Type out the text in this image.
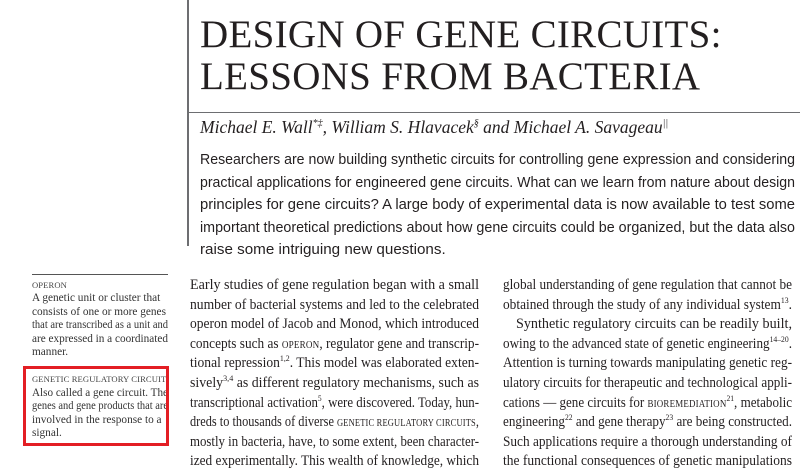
DESIGN OF GENE CIRCUITS:
LESSONS FROM BACTERIA
Michael E. Wall*‡, William S. Hlavacek§ and Michael A. Savageau||
Researchers are now building synthetic circuits for controlling gene expression and considering
practical applications for engineered gene circuits. What can we learn from nature about design
principles for gene circuits? A large body of experimental data is now available to test some
important theoretical predictions about how gene circuits could be organized, but the data also
raise some intriguing new questions.
OPERON
A genetic unit or cluster that
consists of one or more genes
that are transcribed as a unit and
are expressed in a coordinated
manner.
GENETIC REGULATORY CIRCUIT
Also called a gene circuit. The
genes and gene products that are
involved in the response to a
signal.
Early studies of gene regulation began with a small
number of bacterial systems and led to the celebrated
operon model of Jacob and Monod, which introduced
concepts such as OPERON, regulator gene and transcrip-
tional repression$^{1,2}$. This model was elaborated exten-
sively$^{3,4}$ as different regulatory mechanisms, such as
transcriptional activation$^5$, were discovered. Today, hun-
dreds to thousands of diverse GENETIC REGULATORY CIRCUITS,
mostly in bacteria, have, to some extent, been character-
ized experimentally. This wealth of knowledge, which
global understanding of gene regulation that cannot be
obtained through the study of any individual system$^{13}$.
Synthetic regulatory circuits can be readily built,
owing to the advanced state of genetic engineering$^{14-20}$.
Attention is turning towards manipulating genetic reg-
ulatory circuits for therapeutic and technological appli-
cations — gene circuits for BIOREMEDIATION$^{21}$, metabolic
engineering$^{22}$ and gene therapy$^{23}$ are being constructed.
Such applications require a thorough understanding of
the functional consequences of genetic manipulations
